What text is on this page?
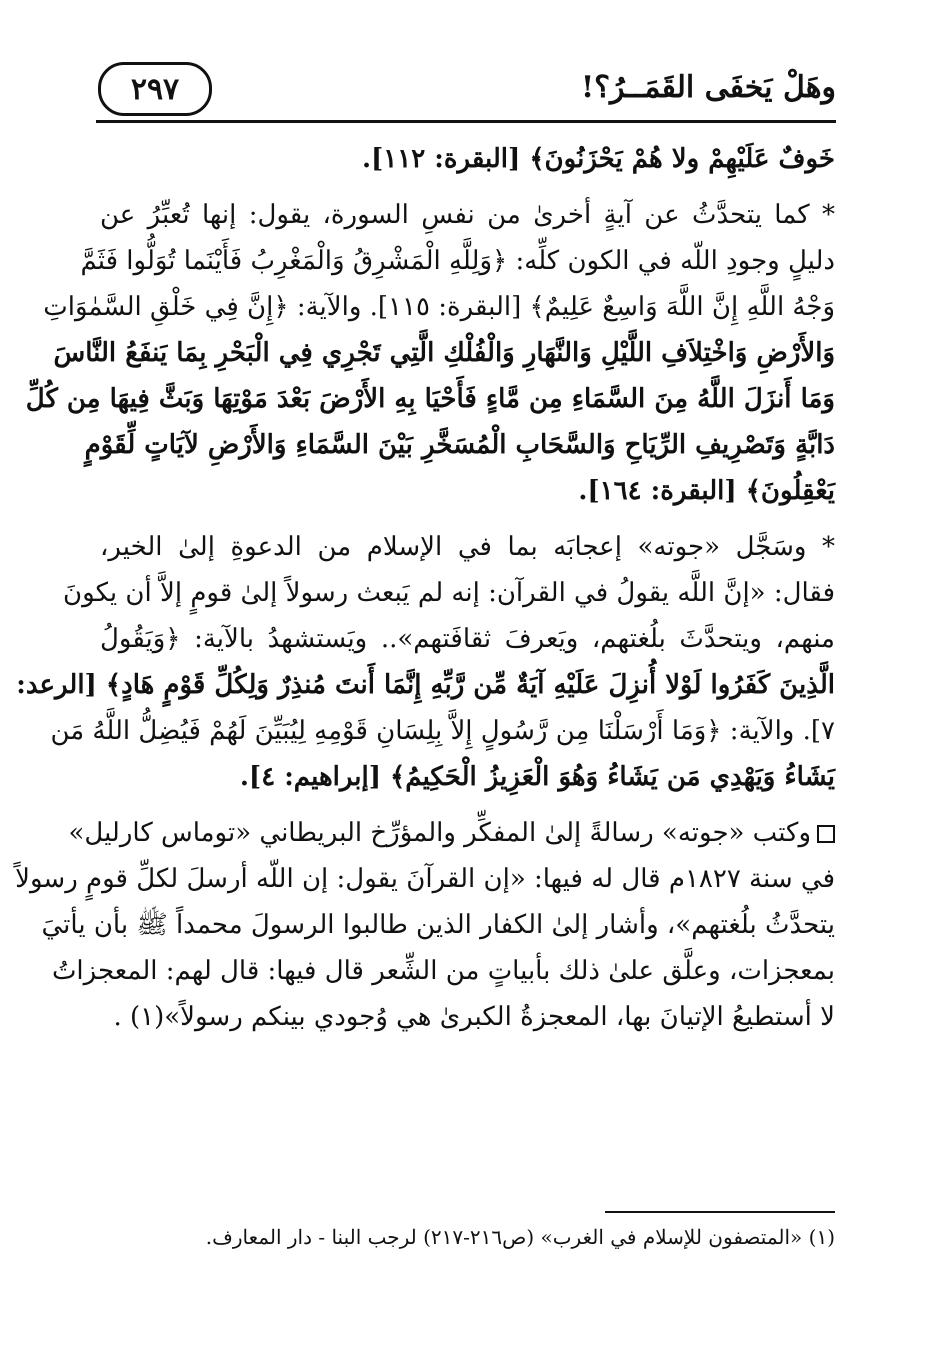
٢٩٧	وهَلْ يَخفَى القَمَــرُ؟!
خَوفٌ عَلَيْهِمْ ولا هُمْ يَحْزَنُونَ﴾ [البقرة: ١١٢].
* كما يتحدَّثُ عن آيةٍ أخرىٰ من نفسِ السورة، يقول: إنها تُعبِّرُ عن
دليلٍ وجودِ اللّه في الكون كلِّه: ﴿وَلِلَّهِ الْمَشْرِقُ وَالْمَغْرِبُ فَأَيْنَما تُوَلُّوا فَثَمَّ
وَجْهُ اللَّهِ إِنَّ اللَّهَ وَاسِعٌ عَلِيمٌ﴾ [البقرة: ١١٥]. والآية: ﴿إِنَّ فِي خَلْقِ السَّمٰوَاتِ
وَالأَرْضِ وَاخْتِلاَفِ اللَّيْلِ وَالنَّهَارِ وَالْفُلْكِ الَّتِي تَجْرِي فِي الْبَحْرِ بِمَا يَنفَعُ النَّاسَ
وَمَا أَنزَلَ اللَّهُ مِنَ السَّمَاءِ مِن مَّاءٍ فَأَحْيَا بِهِ الأَرْضَ بَعْدَ مَوْتِهَا وَبَثَّ فِيهَا مِن كُلِّ
دَابَّةٍ وَتَصْرِيفِ الرِّيَاحِ وَالسَّحَابِ الْمُسَخَّرِ بَيْنَ السَّمَاءِ وَالأَرْضِ لآيَاتٍ لِّقَوْمٍ
يَعْقِلُونَ﴾ [البقرة: ١٦٤].
* وسَجَّل «جوته» إعجابَه بما في الإسلام من الدعوةِ إلىٰ الخير،
فقال: «إنَّ اللَّه يقولُ في القرآن: إنه لم يَبعث رسولاً إلىٰ قومٍ إلاَّ أن يكونَ
منهم، ويتحدَّثَ بلُغتهم، ويَعرفَ ثقافَتهم».. ويَستشهدُ بالآية: ﴿وَيَقُولُ
الَّذِينَ كَفَرُوا لَوْلا أُنزِلَ عَلَيْهِ آيَةٌ مِّن رَّبِّهِ إِنَّمَا أَنتَ مُنذِرٌ وَلِكُلِّ قَوْمٍ هَادٍ﴾ [الرعد:
٧]. والآية: ﴿وَمَا أَرْسَلْنَا مِن رَّسُولٍ إِلاَّ بِلِسَانِ قَوْمِهِ لِيُبَيِّنَ لَهُمْ فَيُضِلُّ اللَّهُ مَن
يَشَاءُ وَيَهْدِي مَن يَشَاءُ وَهُوَ الْعَزِيزُ الْحَكِيمُ﴾ [إبراهيم: ٤].
وكتب «جوته» رسالةً إلىٰ المفكِّر والمؤرِّخ البريطاني «توماس كارليل»
في سنة ١٨٢٧م قال له فيها: «إن القرآنَ يقول: إن اللّه أرسلَ لكلِّ قومٍ رسولاً
يتحدَّثُ بلُغتهم»، وأشار إلىٰ الكفار الذين طالبوا الرسولَ محمداً ﷺ بأن يأتيَ
بمعجزات، وعلَّق علىٰ ذلك بأبياتٍ من الشِّعر قال فيها: قال لهم: المعجزاتُ
لا أستطيعُ الإتيانَ بها، المعجزةُ الكبرىٰ هي وُجودي بينكم رسولاً»(١) .
(١) «المتصفون للإسلام في الغرب» (ص٢١٦-٢١٧) لرجب البنا - دار المعارف.
